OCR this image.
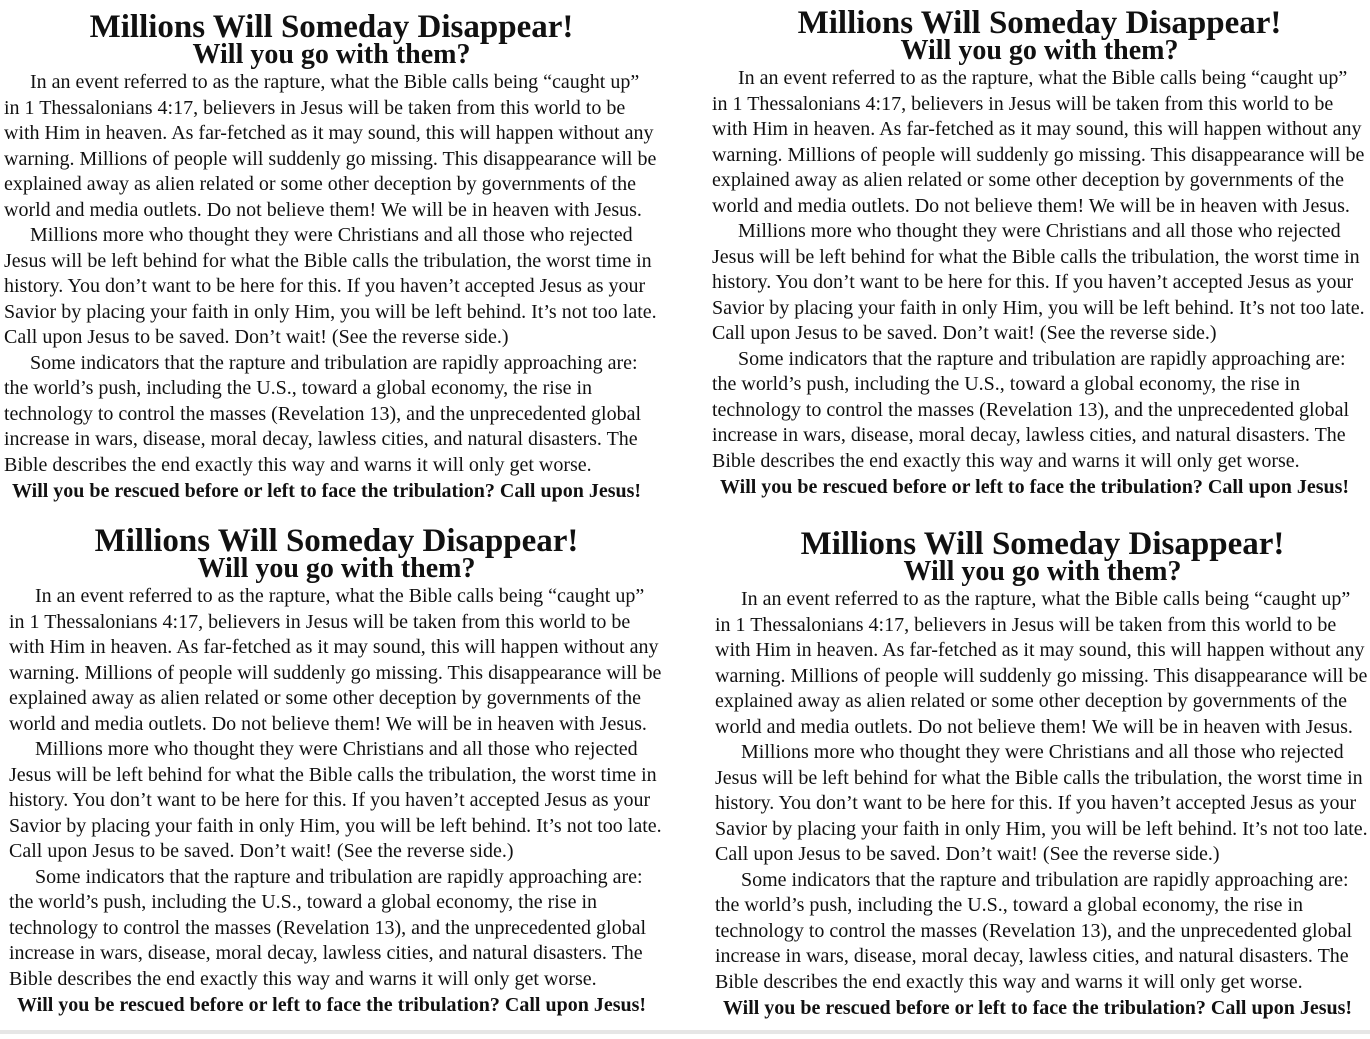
Millions Will Someday Disappear!
Will you go with them?

In an event referred to as the rapture, what the Bible calls being “caught up”
in 1 Thessalonians 4:17, believers in Jesus will be taken from this world to be
with Him in heaven. As far-fetched as it may sound, this will happen without any
warning. Millions of people will suddenly go missing. This disappearance will be
explained away as alien related or some other deception by governments of the
world and media outlets. Do not believe them! We will be in heaven with Jesus.

Millions more who thought they were Christians and all those who rejected
Jesus will be left behind for what the Bible calls the tribulation, the worst time in
history. You don’t want to be here for this. If you haven’t accepted Jesus as your
Savior by placing your faith in only Him, you will be left behind. It’s not too late.
Call upon Jesus to be saved. Don’t wait! (See the reverse side.)

Some indicators that the rapture and tribulation are rapidly approaching are:
the world’s push, including the U.S., toward a global economy, the rise in
technology to control the masses (Revelation 13), and the unprecedented global
increase in wars, disease, moral decay, lawless cities, and natural disasters. The
Bible describes the end exactly this way and warns it will only get worse.

Will you be rescued before or left to face the tribulation? Call upon Jesus!
Millions Will Someday Disappear!
Will you go with them?

In an event referred to as the rapture, what the Bible calls being “caught up”
in 1 Thessalonians 4:17, believers in Jesus will be taken from this world to be
with Him in heaven. As far-fetched as it may sound, this will happen without any
warning. Millions of people will suddenly go missing. This disappearance will be
explained away as alien related or some other deception by governments of the
world and media outlets. Do not believe them! We will be in heaven with Jesus.

Millions more who thought they were Christians and all those who rejected
Jesus will be left behind for what the Bible calls the tribulation, the worst time in
history. You don’t want to be here for this. If you haven’t accepted Jesus as your
Savior by placing your faith in only Him, you will be left behind. It’s not too late.
Call upon Jesus to be saved. Don’t wait! (See the reverse side.)

Some indicators that the rapture and tribulation are rapidly approaching are:
the world’s push, including the U.S., toward a global economy, the rise in
technology to control the masses (Revelation 13), and the unprecedented global
increase in wars, disease, moral decay, lawless cities, and natural disasters. The
Bible describes the end exactly this way and warns it will only get worse.

Will you be rescued before or left to face the tribulation? Call upon Jesus!
Millions Will Someday Disappear!
Will you go with them?

In an event referred to as the rapture, what the Bible calls being “caught up”
in 1 Thessalonians 4:17, believers in Jesus will be taken from this world to be
with Him in heaven. As far-fetched as it may sound, this will happen without any
warning. Millions of people will suddenly go missing. This disappearance will be
explained away as alien related or some other deception by governments of the
world and media outlets. Do not believe them! We will be in heaven with Jesus.

Millions more who thought they were Christians and all those who rejected
Jesus will be left behind for what the Bible calls the tribulation, the worst time in
history. You don’t want to be here for this. If you haven’t accepted Jesus as your
Savior by placing your faith in only Him, you will be left behind. It’s not too late.
Call upon Jesus to be saved. Don’t wait! (See the reverse side.)

Some indicators that the rapture and tribulation are rapidly approaching are:
the world’s push, including the U.S., toward a global economy, the rise in
technology to control the masses (Revelation 13), and the unprecedented global
increase in wars, disease, moral decay, lawless cities, and natural disasters. The
Bible describes the end exactly this way and warns it will only get worse.

Will you be rescued before or left to face the tribulation? Call upon Jesus!
Millions Will Someday Disappear!
Will you go with them?

In an event referred to as the rapture, what the Bible calls being “caught up”
in 1 Thessalonians 4:17, believers in Jesus will be taken from this world to be
with Him in heaven. As far-fetched as it may sound, this will happen without any
warning. Millions of people will suddenly go missing. This disappearance will be
explained away as alien related or some other deception by governments of the
world and media outlets. Do not believe them! We will be in heaven with Jesus.

Millions more who thought they were Christians and all those who rejected
Jesus will be left behind for what the Bible calls the tribulation, the worst time in
history. You don’t want to be here for this. If you haven’t accepted Jesus as your
Savior by placing your faith in only Him, you will be left behind. It’s not too late.
Call upon Jesus to be saved. Don’t wait! (See the reverse side.)

Some indicators that the rapture and tribulation are rapidly approaching are:
the world’s push, including the U.S., toward a global economy, the rise in
technology to control the masses (Revelation 13), and the unprecedented global
increase in wars, disease, moral decay, lawless cities, and natural disasters. The
Bible describes the end exactly this way and warns it will only get worse.

Will you be rescued before or left to face the tribulation? Call upon Jesus!
